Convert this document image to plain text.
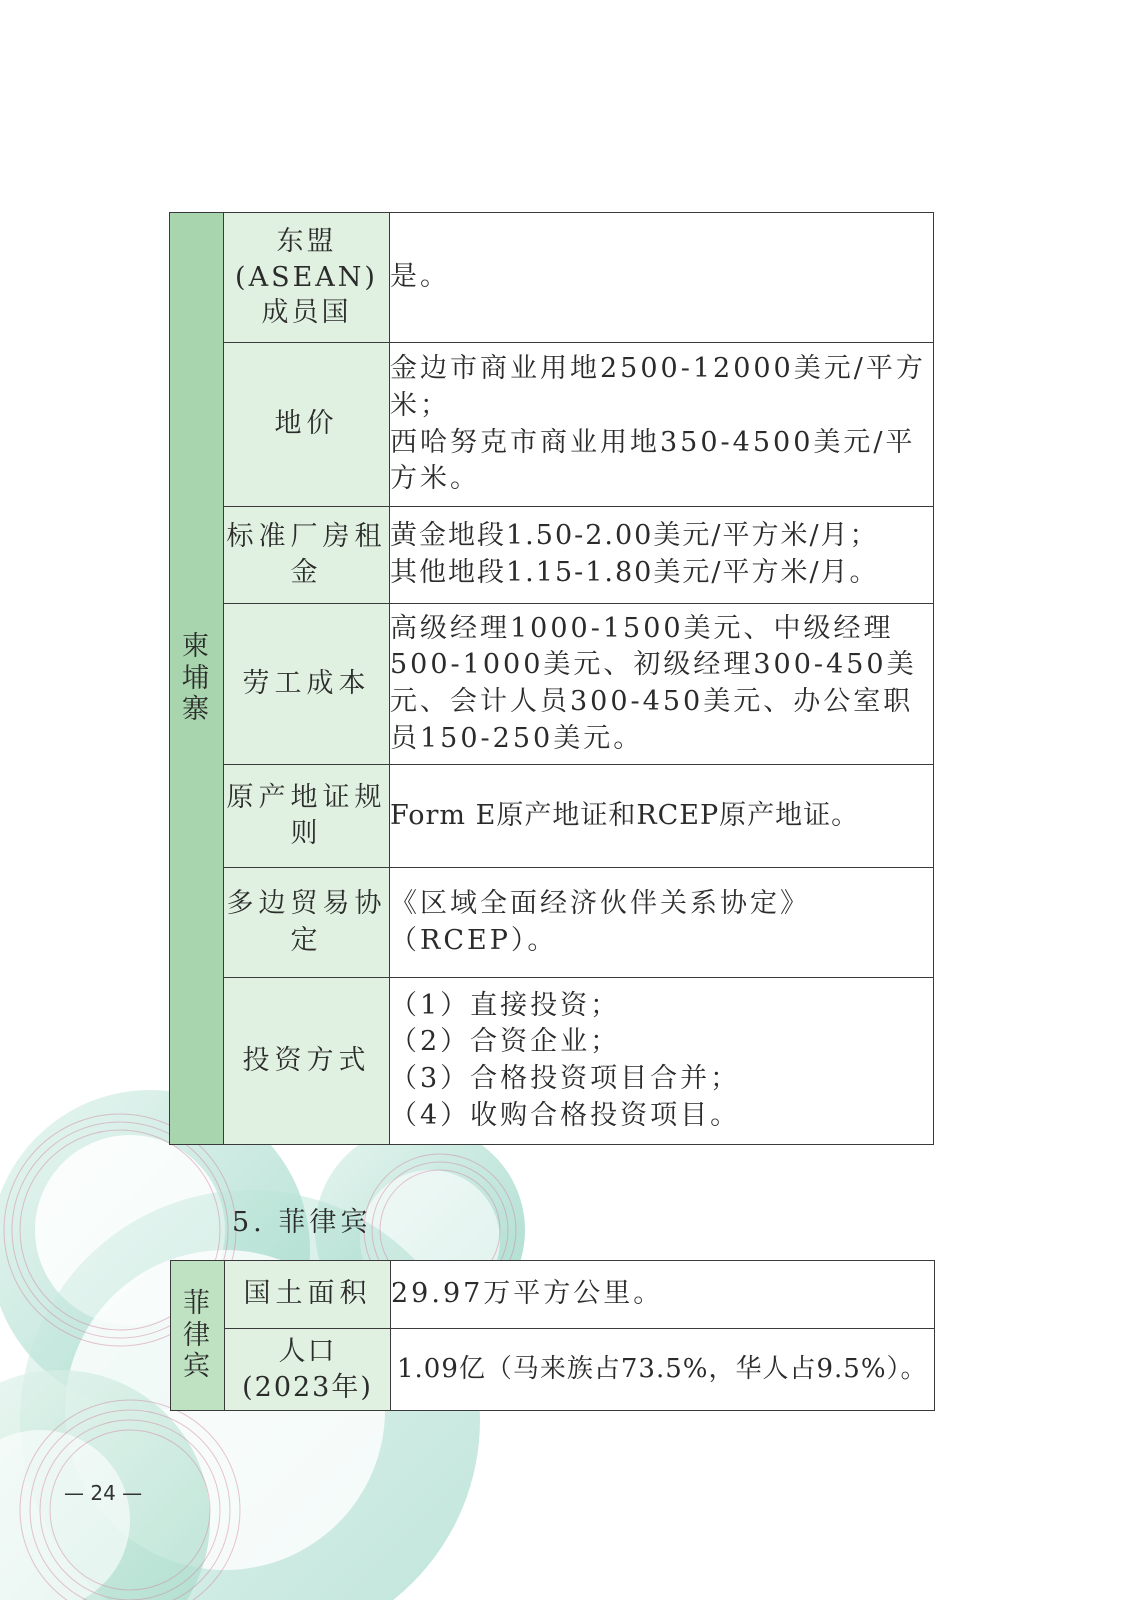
柬埔寨	东盟
(ASEAN)
成员国	是。
	地价	金边市商业用地2500-12000美元/平方米；
西哈努克市商业用地350-4500美元/平方米。
	标准厂房租金	黄金地段1.50-2.00美元/平方米/月；
其他地段1.15-1.80美元/平方米/月。
	劳工成本	高级经理1000-1500美元、中级经理500-1000美元、初级经理300-450美元、会计人员300-450美元、办公室职员150-250美元。
	原产地证规则	Form E原产地证和RCEP原产地证。
	多边贸易协定	《区域全面经济伙伴关系协定》（RCEP）。
	投资方式	（1）直接投资；
（2）合资企业；
（3）合格投资项目合并；
（4）收购合格投资项目。
5. 菲律宾
菲律宾	国土面积	29.97万平方公里。
	人口
(2023年)	1.09亿（马来族占73.5%，华人占9.5%）。
— 24 —
